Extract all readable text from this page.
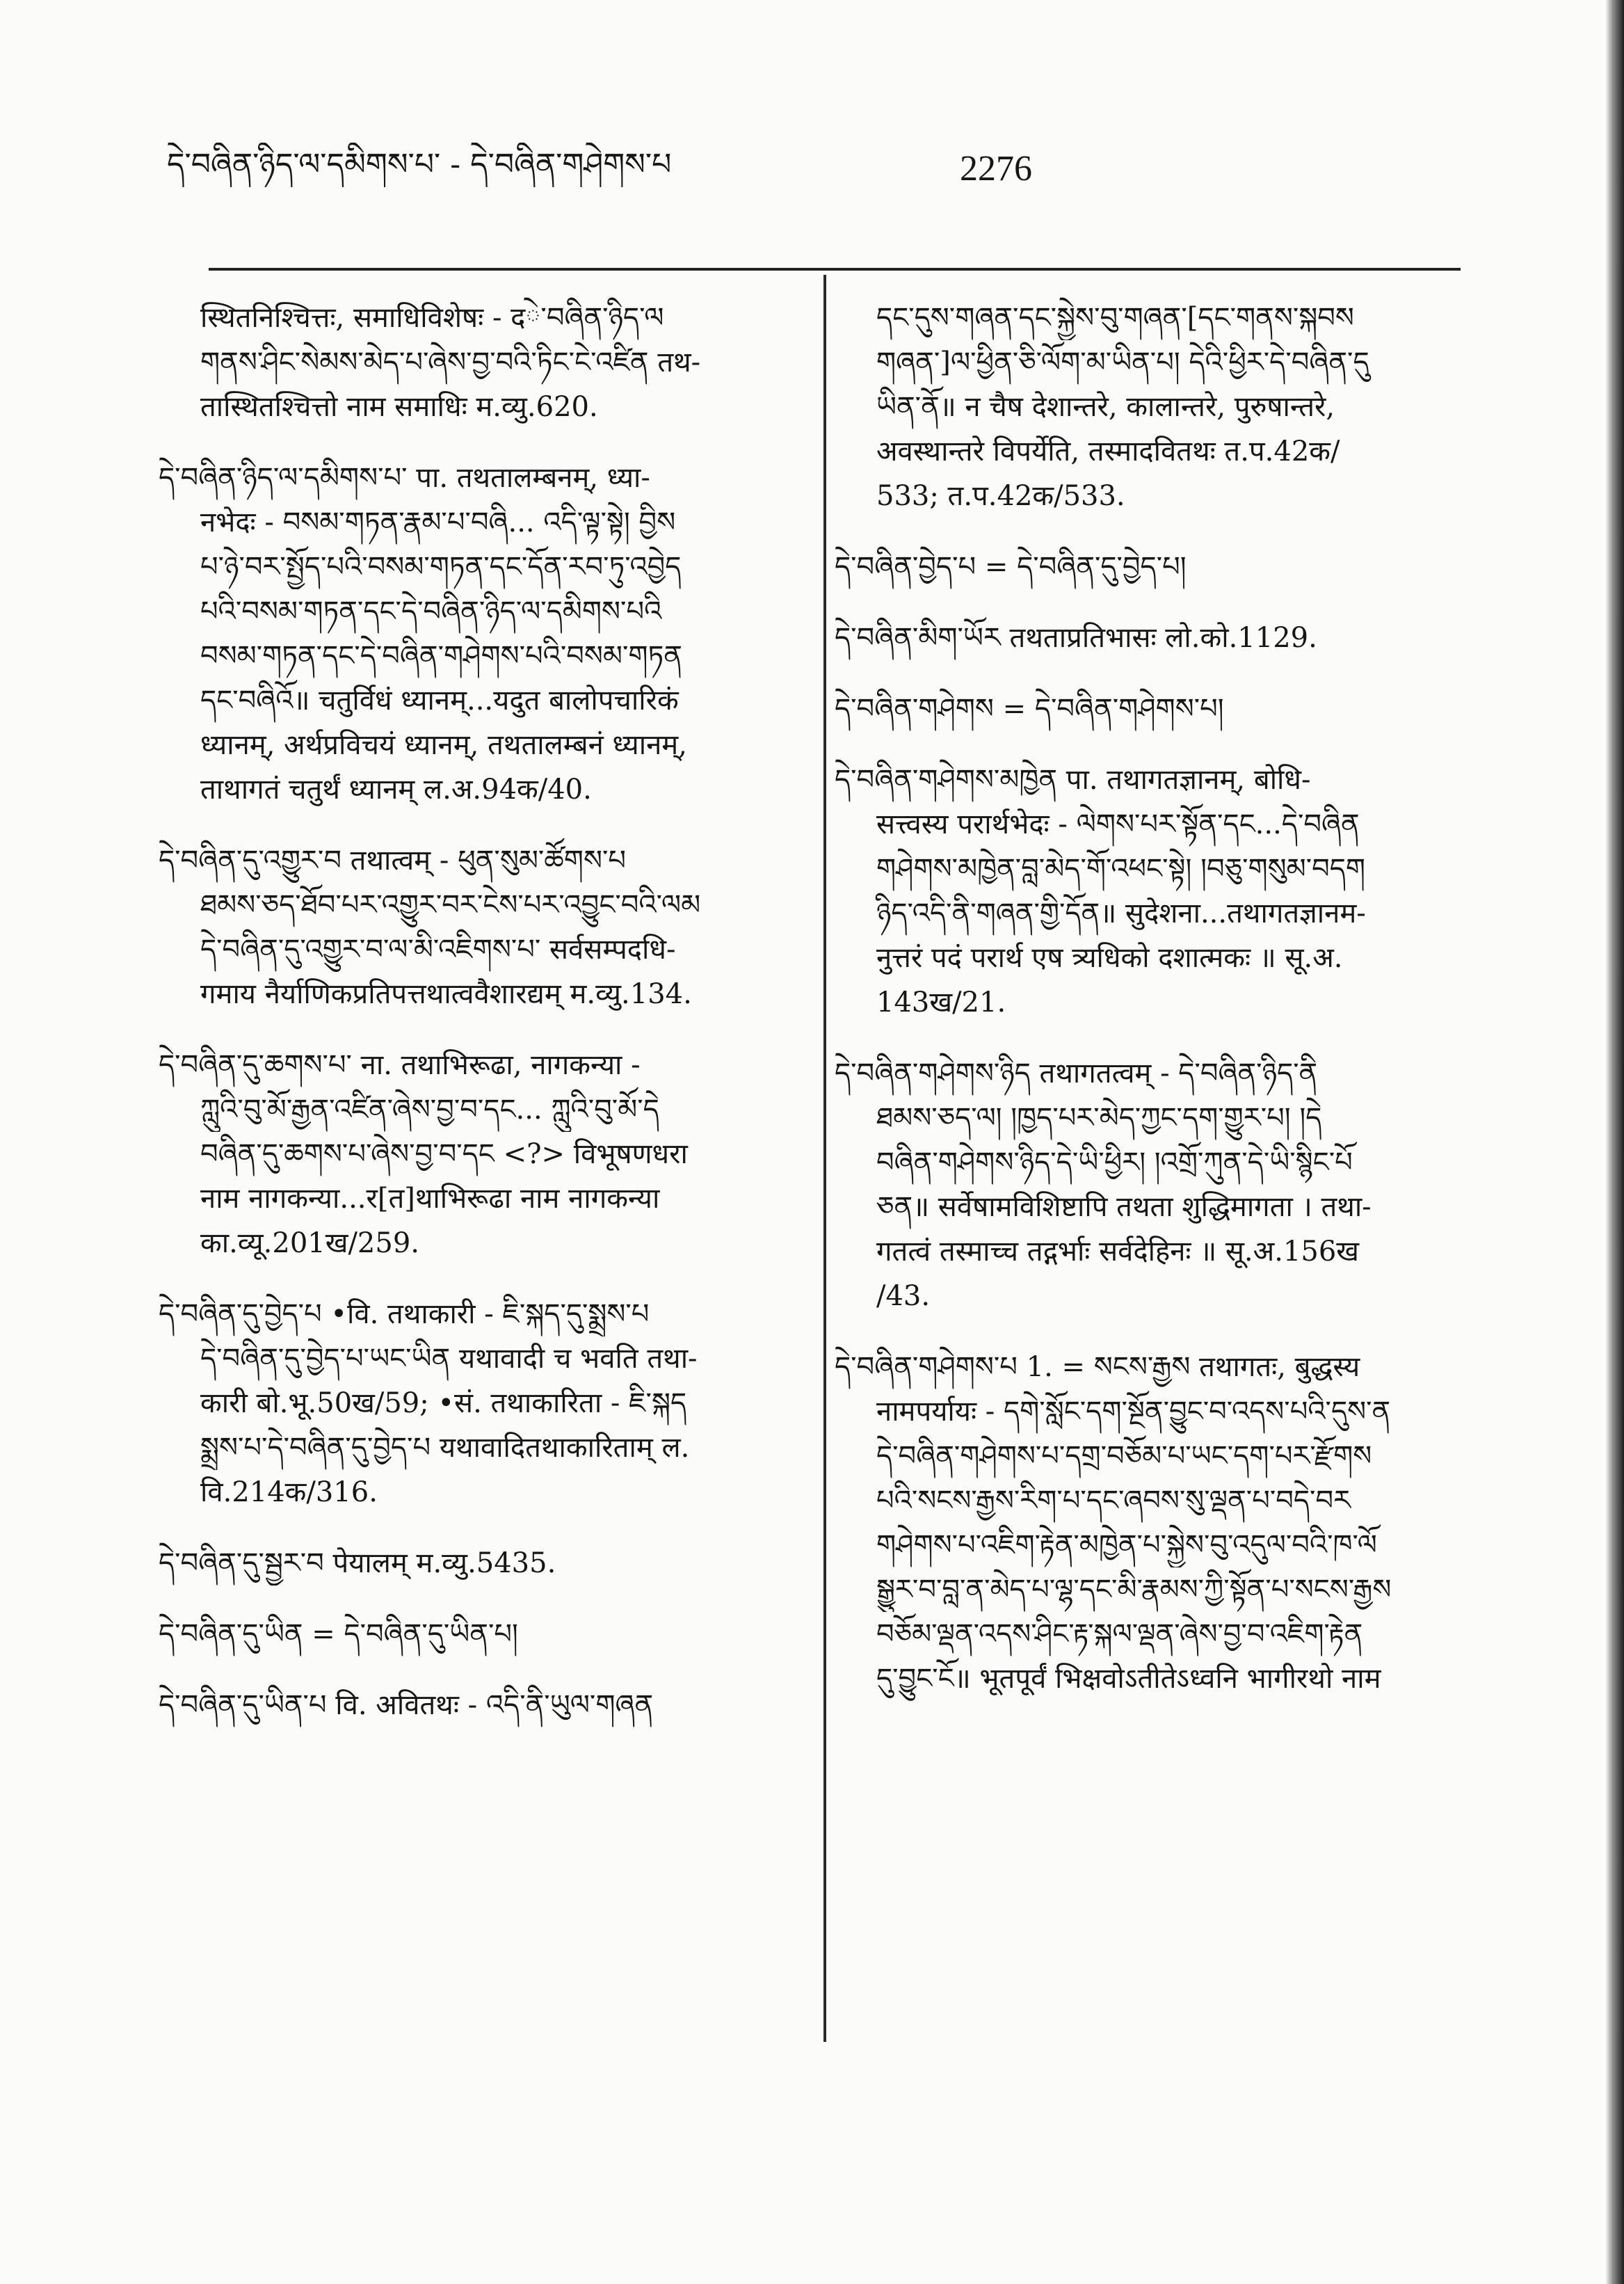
དེ་བཞིན་ཉིད་ལ་དམིགས་པ་ - དེ་བཞིན་གཤེགས་པ	2276
स्थितनिश्चित्तः, समाधिविशेषः - दེ་བཞིན་ཉིད་ལ
གནས་ཤིང་སེམས་མེད་པ་ཞེས་བྱ་བའི་ཏིང་ངེ་འཛིན तथ-
तास्थितश्चित्तो नाम समाधिः म.व्यु.620.
དེ་བཞིན་ཉིད་ལ་དམིགས་པ་ पा. तथतालम्बनम्, ध्या-
नभेदः - བསམ་གཏན་རྣམ་པ་བཞི... འདི་ལྟ་སྟེ། བྱིས
པ་ཉེ་བར་སྤྱོད་པའི་བསམ་གཏན་དང་དོན་རབ་ཏུ་འབྱེད
པའི་བསམ་གཏན་དང་དེ་བཞིན་ཉིད་ལ་དམིགས་པའི
བསམ་གཏན་དང་དེ་བཞིན་གཤེགས་པའི་བསམ་གཏན
དང་བཞིའོ॥ चतुर्विधं ध्यानम्...यदुत बालोपचारिकं
ध्यानम्, अर्थप्रविचयं ध्यानम्, तथतालम्बनं ध्यानम्,
ताथागतं चतुर्थं ध्यानम् ल.अ.94क/40.
དེ་བཞིན་དུ་འགྱུར་བ तथात्वम् - ཕུན་སུམ་ཚོགས་པ
ཐམས་ཅད་ཐོབ་པར་འགྱུར་བར་ངེས་པར་འབྱུང་བའི་ལམ
དེ་བཞིན་དུ་འགྱུར་བ་ལ་མི་འཇིགས་པ་ सर्वसम्पदधि-
गमाय नैर्याणिकप्रतिपत्तथात्ववैशारद्यम् म.व्यु.134.
དེ་བཞིན་དུ་ཆགས་པ་ ना. तथाभिरूढा, नागकन्या -
ཀླུའི་བུ་མོ་རྒྱན་འཛིན་ཞེས་བྱ་བ་དང... ཀླུའི་བུ་མོ་དེ
བཞིན་དུ་ཆགས་པ་ཞེས་བྱ་བ་དང <?> विभूषणधरा
नाम नागकन्या...र[त]थाभिरूढा नाम नागकन्या
का.व्यू.201ख/259.
དེ་བཞིན་དུ་བྱེད་པ •वि. तथाकारी - ཇི་སྐད་དུ་སྨྲས་པ
དེ་བཞིན་དུ་བྱེད་པ་ཡང་ཡིན यथावादी च भवति तथा-
कारी बो.भू.50ख/59; •सं. तथाकारिता - ཇི་སྐད
སྨྲས་པ་དེ་བཞིན་དུ་བྱེད་པ यथावादितथाकारिताम् ल.
वि.214क/316.
དེ་བཞིན་དུ་སྦྱར་བ पेयालम् म.व्यु.5435.
དེ་བཞིན་དུ་ཡིན = དེ་བཞིན་དུ་ཡིན་པ།
དེ་བཞིན་དུ་ཡིན་པ वि. अवितथः - འདི་ནི་ཡུལ་གཞན
དང་དུས་གཞན་དང་སྐྱེས་བུ་གཞན་[དང་གནས་སྐབས
གཞན་]ལ་ཕྱིན་ཅི་ལོག་མ་ཡིན་པ། དེའི་ཕྱིར་དེ་བཞིན་དུ
ཡིན་ནོ॥ न चैष देशान्तरे, कालान्तरे, पुरुषान्तरे,
अवस्थान्तरे विपर्येति, तस्मादवितथः त.प.42क/
533; त.प.42क/533.
དེ་བཞིན་བྱེད་པ = དེ་བཞིན་དུ་བྱེད་པ།
དེ་བཞིན་མིག་ཡོར तथताप्रतिभासः लो.को.1129.
དེ་བཞིན་གཤེགས = དེ་བཞིན་གཤེགས་པ།
དེ་བཞིན་གཤེགས་མཁྱེན पा. तथागतज्ञानम्, बोधि-
सत्त्वस्य परार्थभेदः - ལེགས་པར་སྟོན་དང...དེ་བཞིན
གཤེགས་མཁྱེན་བླ་མེད་གོ་འཕང་སྟེ། །བཅུ་གསུམ་བདག
ཉིད་འདི་ནི་གཞན་གྱི་དོན॥ सुदेशना...तथागतज्ञानम-
नुत्तरं पदं परार्थ एष त्र्यधिको दशात्मकः ॥ सू.अ.
143ख/21.
དེ་བཞིན་གཤེགས་ཉིད तथागतत्वम् - དེ་བཞིན་ཉིད་ནི
ཐམས་ཅད་ལ། །ཁྱད་པར་མེད་ཀྱང་དག་གྱུར་པ། །དེ
བཞིན་གཤེགས་ཉིད་དེ་ཡི་ཕྱིར། །འགྲོ་ཀུན་དེ་ཡི་སྙིང་པོ
ཅན॥ सर्वेषामविशिष्टापि तथता शुद्धिमागता । तथा-
गतत्वं तस्माच्च तद्गर्भाः सर्वदेहिनः ॥ सू.अ.156ख
/43.
དེ་བཞིན་གཤེགས་པ 1. = སངས་རྒྱས तथागतः, बुद्धस्य
नामपर्यायः - དགེ་སློང་དག་སྔོན་བྱུང་བ་འདས་པའི་དུས་ན
དེ་བཞིན་གཤེགས་པ་དགྲ་བཅོམ་པ་ཡང་དག་པར་རྫོགས
པའི་སངས་རྒྱས་རིག་པ་དང་ཞབས་སུ་ལྡན་པ་བདེ་བར
གཤེགས་པ་འཇིག་རྟེན་མཁྱེན་པ་སྐྱེས་བུ་འདུལ་བའི་ཁ་ལོ
སྒྱུར་བ་བླ་ན་མེད་པ་ལྷ་དང་མི་རྣམས་ཀྱི་སྟོན་པ་སངས་རྒྱས
བཅོམ་ལྡན་འདས་ཤིང་རྟ་སྐལ་ལྡན་ཞེས་བྱ་བ་འཇིག་རྟེན
དུ་བྱུང་ངོ॥ भूतपूर्वं भिक्षवोऽतीतेऽध्वनि भागीरथो नाम
